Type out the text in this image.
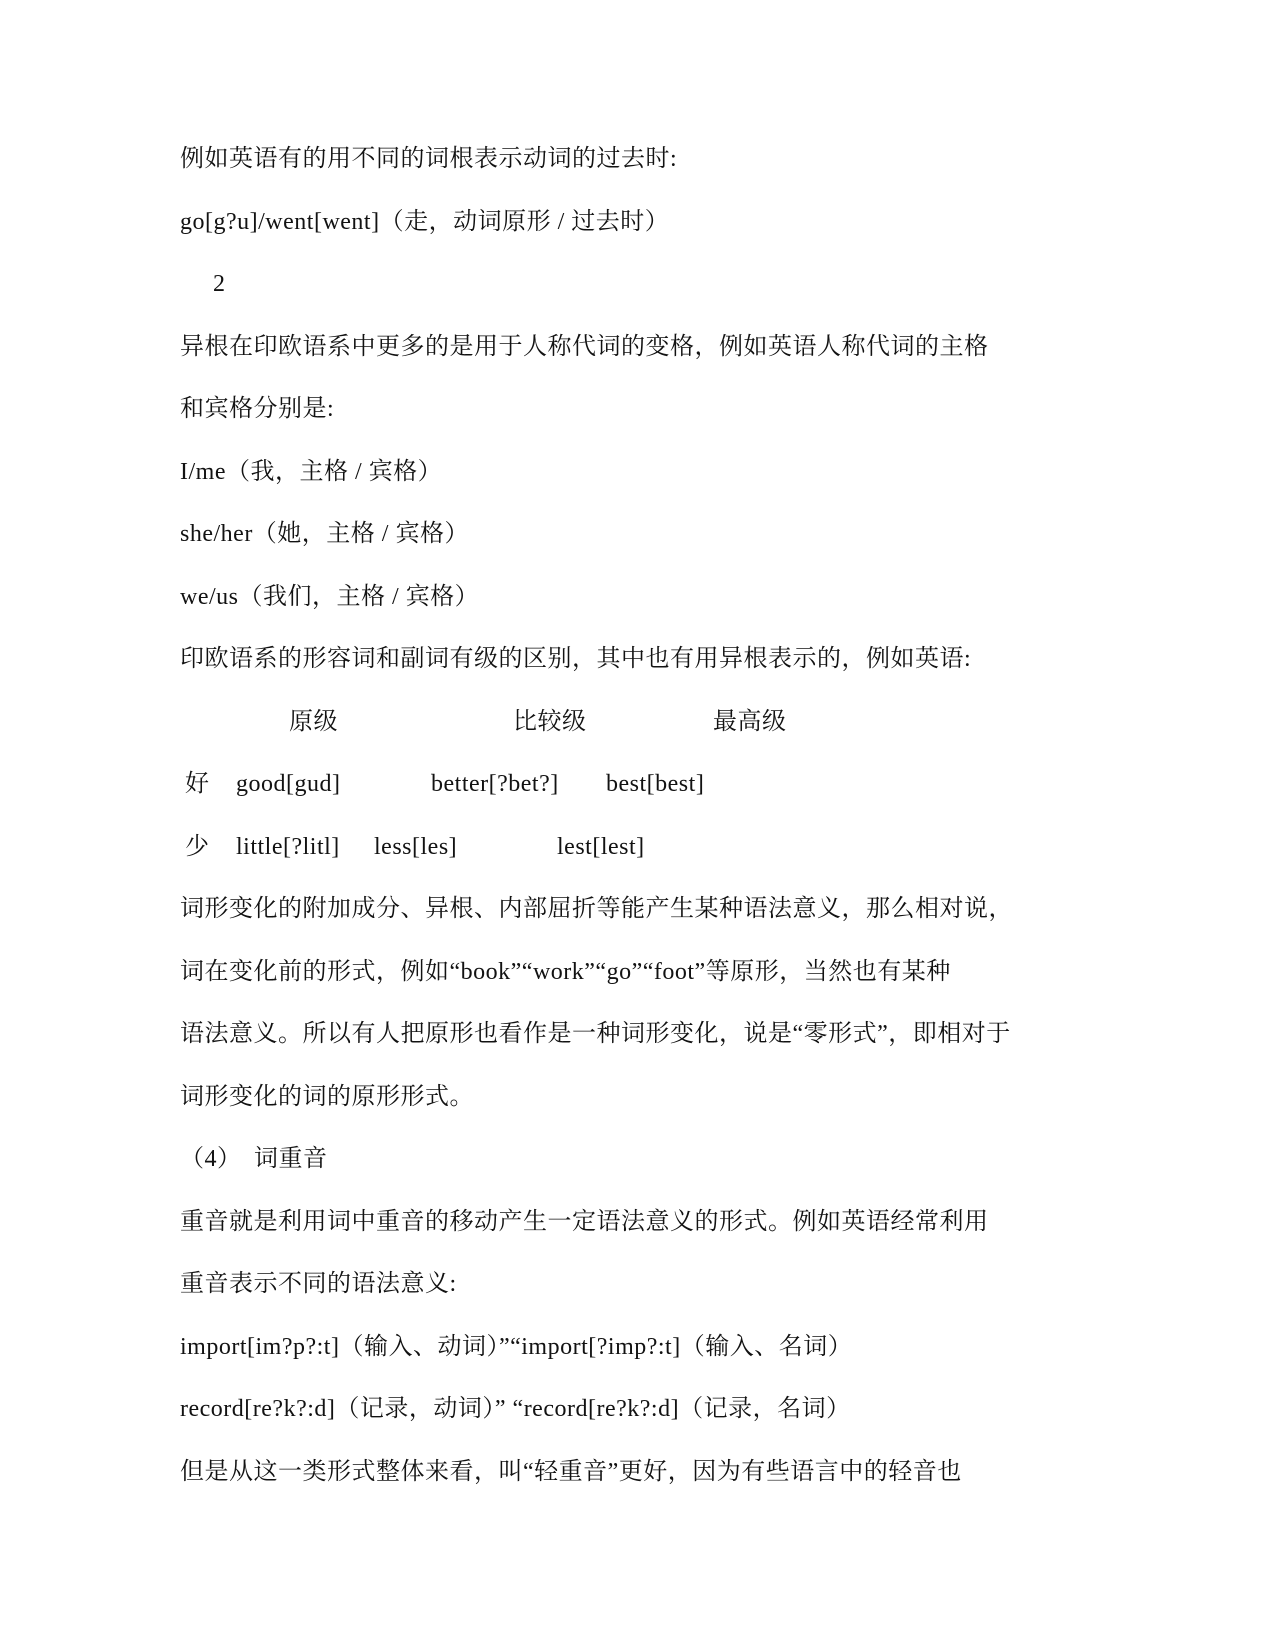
例如英语有的用不同的词根表示动词的过去时:
go[g?u]/went[went]（走，动词原形 / 过去时）
2
异根在印欧语系中更多的是用于人称代词的变格，例如英语人称代词的主格
和宾格分别是:
I/me（我，主格 / 宾格）
she/her（她，主格 / 宾格）
we/us（我们，主格 / 宾格）
印欧语系的形容词和副词有级的区别，其中也有用异根表示的，例如英语:
原级	比较级	最高级
好 good[gud]	better[?bet?] best[best]
少 little[?litl] less[les]	lest[lest]
词形变化的附加成分、异根、内部屈折等能产生某种语法意义，那么相对说，
词在变化前的形式，例如“book”“work”“go”“foot”等原形，当然也有某种
语法意义。所以有人把原形也看作是一种词形变化，说是“零形式”，即相对于
词形变化的词的原形形式。
（4）　词重音
重音就是利用词中重音的移动产生一定语法意义的形式。例如英语经常利用
重音表示不同的语法意义:
import[im?p?:t]（输入、动词）”“import[?imp?:t]（输入、名词）
record[re?k?:d]（记录，动词）” “record[re?k?:d]（记录，名词）
但是从这一类形式整体来看，叫“轻重音”更好，因为有些语言中的轻音也
